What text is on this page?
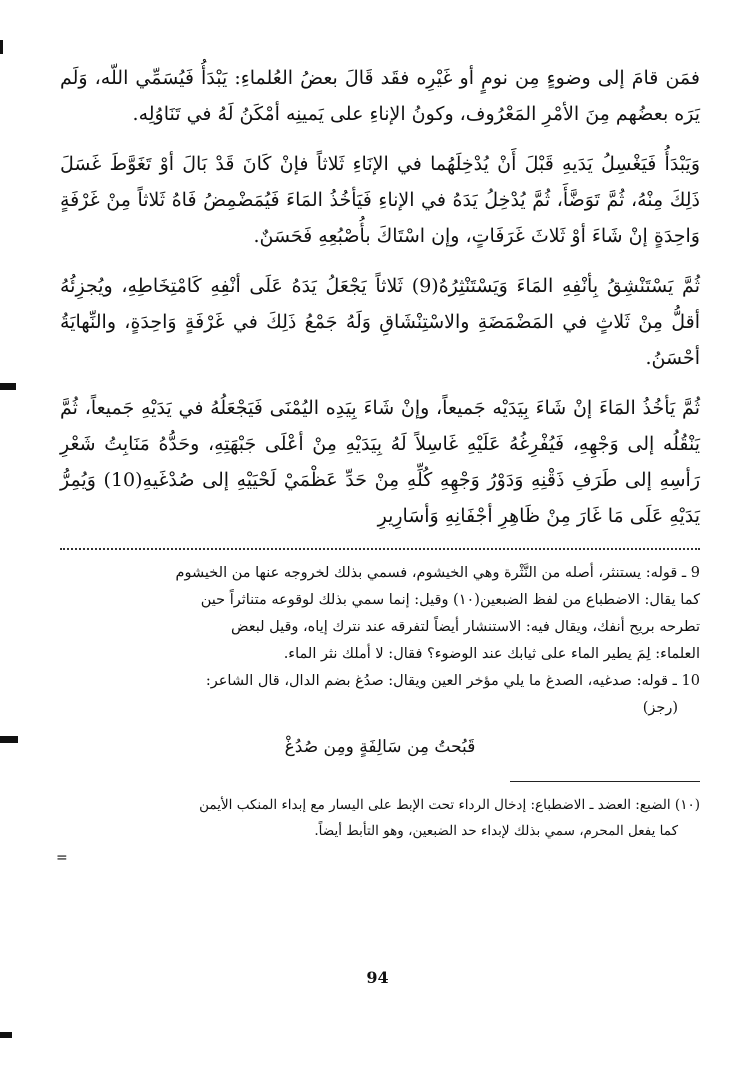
=

فمَن قامَ إلى وضوءٍ مِن نومٍ أو غَيْرِه فقَد قَالَ بعضُ العُلماءِ: يَبْدَأُ فَيُسَمِّي اللّه، وَلَم يَرَه بعضُهم مِنَ الأمْرِ المَعْرُوف، وكونُ الإناءِ على يَمينِه أمْكَنُ لَهُ في تَنَاوُلِه.

وَيَبْدَأُ فَيَغْسِلُ يَدَيهِ قَبْلَ أَنْ يُدْخِلَهُما في الإنَاءِ ثَلاثاً فإنْ كَانَ قَدْ بَالَ أوْ تَغَوَّطَ غَسَلَ ذَلِكَ مِنْهُ، ثُمَّ تَوَضَّأَ، ثُمَّ يُدْخِلُ يَدَهُ في الإناءِ فَيَأخُذُ المَاءَ فَيُمَضْمِضُ فَاهُ ثَلاثاً مِنْ غَرْفَةٍ وَاحِدَةٍ إنْ شَاءَ أوْ ثَلاثَ غَرَفَاتٍ، وإن اسْتَاكَ بأُصْبُعِهِ فَحَسَنٌ.

ثُمَّ يَسْتَنْشِقُ بِأنْفِهِ المَاءَ وَيَسْتَنْثِرُهُ(9) ثَلاثاً يَجْعَلُ يَدَهُ عَلَى أنْفِهِ كَامْتِخَاطِهِ، ويُجزِئُهُ أقلُّ مِنْ ثَلاثٍ في المَضْمَضَةِ والاسْتِنْشَاقِ وَلَهُ جَمْعُ ذَلِكَ في غَرْفَةٍ وَاحِدَةٍ، والنِّهايَةُ أحْسَنُ.

ثُمَّ يَأخُذُ المَاءَ إنْ شَاءَ بِيَدَيْه جَميعاً، وإنْ شَاءَ بِيَدِه اليُمْنَى فَيَجْعَلُهُ في يَدَيْهِ جَميعاً، ثُمَّ يَنْقُلُه إلى وَجْهِهِ، فَيُفْرِغُهُ عَلَيْهِ غَاسِلاً لَهُ بِيَدَيْهِ مِنْ أعْلَى جَبْهَتِهِ، وحَدُّهُ مَنَابِتُ شَعْرِ رَأسِهِ إلى طَرَفِ ذَقْنِهِ وَدَوْرُ وَجْهِهِ كُلِّهِ مِنْ حَدِّ عَظْمَيْ لَحْيَيْهِ إلى صُدْغَيهِ(10) وَيُمِرُّ يَدَيْهِ عَلَى مَا غَارَ مِنْ ظَاهِرِ أجْفَانِهِ وَأسَارِيرِ

9 ـ قوله: يستنثر، أصله من النَّثْرة وهي الخيشوم، فسمي بذلك لخروجه عنها من الخيشوم

كما يقال: الاضطباع من لفظ الضبعين(١٠) وقيل: إنما سمي بذلك لوقوعه متناثراً حين

تطرحه بريح أنفك، ويقال فيه: الاستنشار أيضاً لتفرقه عند نترك إياه، وقيل لبعض

العلماء: لِمَ يطير الماء على ثيابك عند الوضوء؟ فقال: لا أملك نثر الماء.

10 ـ قوله: صدغيه، الصدغ ما يلي مؤخر العين ويقال: صدُغ بضم الدال، قال الشاعر:

(رجز)

قَبُحتُ مِن سَالِفَةٍ ومِن صُدُغْ

(١٠) الضبع: العضد ـ الاضطباع: إدخال الرداء تحت الإبط على اليسار مع إبداء المنكب الأيمن

كما يفعل المحرم، سمي بذلك لإبداء حد الضبعين، وهو التأبط أيضاً.

94
